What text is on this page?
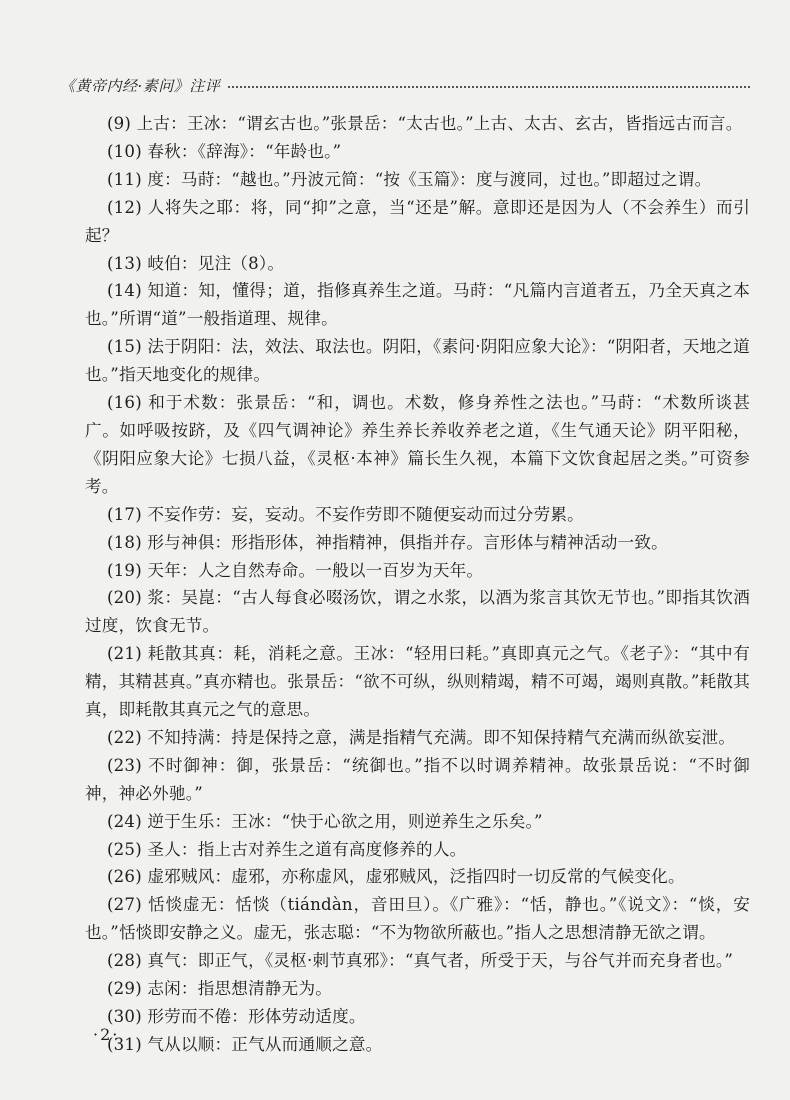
《黄帝内经·素问》注评

(9) 上古：王冰：“谓玄古也。”张景岳：“太古也。”上古、太古、玄古，皆指远古而言。

(10) 春秋：《辞海》：“年龄也。”

(11) 度：马莳：“越也。”丹波元简：“按《玉篇》：度与渡同，过也。”即超过之谓。

(12) 人将失之耶：将，同“抑”之意，当“还是”解。意即还是因为人（不会养生）而引起？

(13) 岐伯：见注（8）。

(14) 知道：知，懂得；道，指修真养生之道。马莳：“凡篇内言道者五，乃全天真之本也。”所谓“道”一般指道理、规律。

(15) 法于阴阳：法，效法、取法也。阴阳，《素问·阴阳应象大论》：“阴阳者，天地之道也。”指天地变化的规律。

(16) 和于术数：张景岳：“和，调也。术数，修身养性之法也。”马莳：“术数所谈甚广。如呼吸按跻，及《四气调神论》养生养长养收养老之道，《生气通天论》阴平阳秘，《阴阳应象大论》七损八益，《灵枢·本神》篇长生久视，本篇下文饮食起居之类。”可资参考。

(17) 不妄作劳：妄，妄动。不妄作劳即不随便妄动而过分劳累。

(18) 形与神俱：形指形体，神指精神，俱指并存。言形体与精神活动一致。

(19) 天年：人之自然寿命。一般以一百岁为天年。

(20) 浆：吴崑：“古人每食必啜汤饮，谓之水浆，以酒为浆言其饮无节也。”即指其饮酒过度，饮食无节。

(21) 耗散其真：耗，消耗之意。王冰：“轻用曰耗。”真即真元之气。《老子》：“其中有精，其精甚真。”真亦精也。张景岳：“欲不可纵，纵则精竭，精不可竭，竭则真散。”耗散其真，即耗散其真元之气的意思。

(22) 不知持满：持是保持之意，满是指精气充满。即不知保持精气充满而纵欲妄泄。

(23) 不时御神：御，张景岳：“统御也。”指不以时调养精神。故张景岳说：“不时御神，神必外驰。”

(24) 逆于生乐：王冰：“快于心欲之用，则逆养生之乐矣。”

(25) 圣人：指上古对养生之道有高度修养的人。

(26) 虚邪贼风：虚邪，亦称虚风，虚邪贼风，泛指四时一切反常的气候变化。

(27) 恬惔虚无：恬惔（tiándàn，音田旦）。《广雅》：“恬，静也。”《说文》：“惔，安也。”恬惔即安静之义。虚无，张志聪：“不为物欲所蔽也。”指人之思想清静无欲之谓。

(28) 真气：即正气，《灵枢·刺节真邪》：“真气者，所受于天，与谷气并而充身者也。”

(29) 志闲：指思想清静无为。

(30) 形劳而不倦：形体劳动适度。

(31) 气从以顺：正气从而通顺之意。

·2·
